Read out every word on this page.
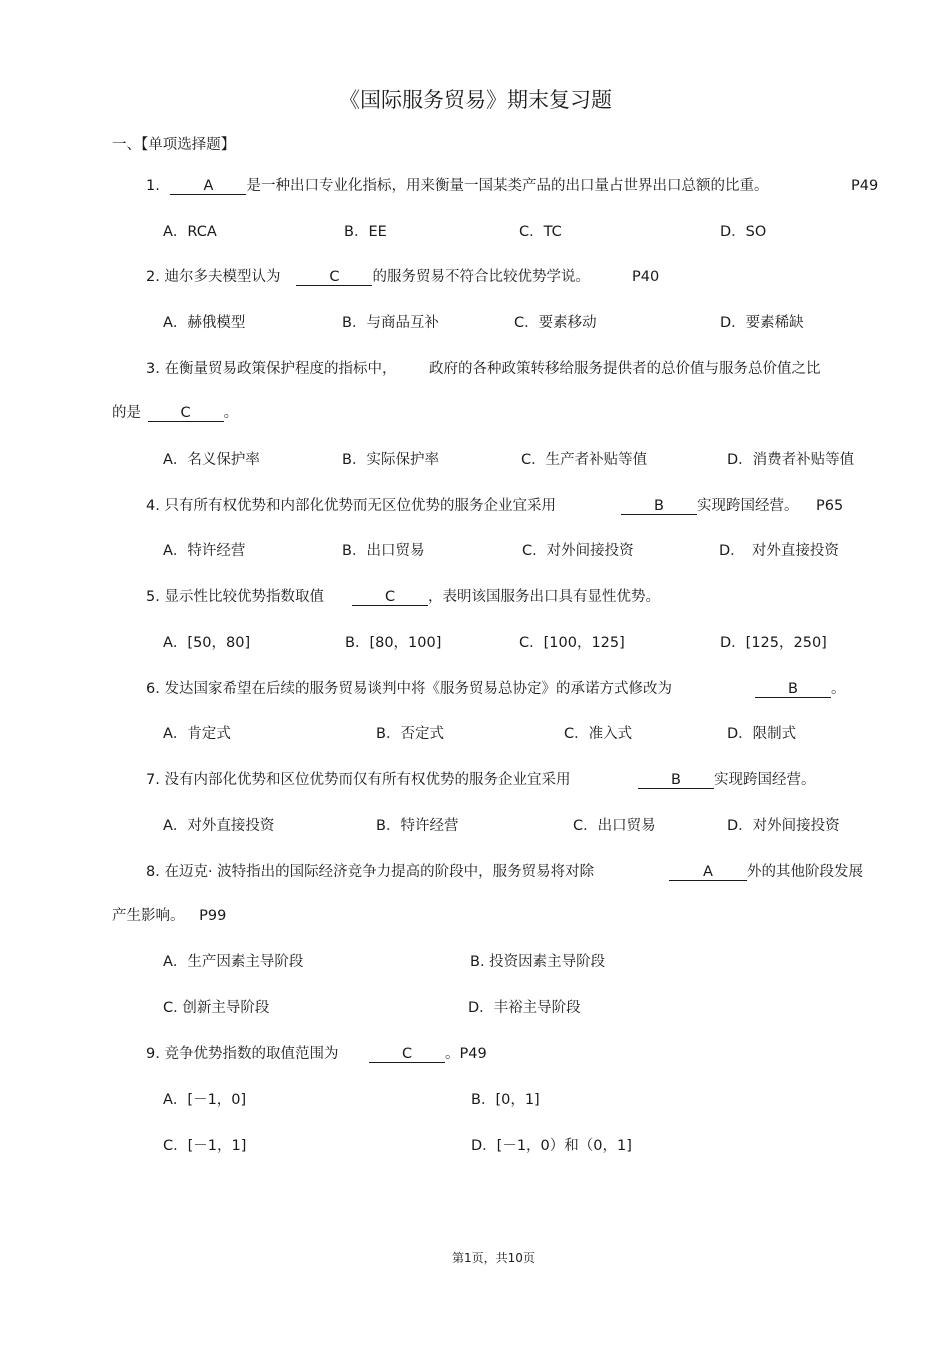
《国际服务贸易》期末复习题
一、【单项选择题】
1.	A 是一种出口专业化指标，用来衡量一国某类产品的出口量占世界出口总额的比重。	P49
A．RCA	B．EE	C．TC	D．SO
2. 迪尔多夫模型认为	C 的服务贸易不符合比较优势学说。	P40
A．赫俄模型	B．与商品互补	C．要素移动	D．要素稀缺
3. 在衡量贸易政策保护程度的指标中， 政府的各种政策转移给服务提供者的总价值与服务总价值之比
的是	C 。
A．名义保护率	B．实际保护率	C．生产者补贴等值	D．消费者补贴等值
4. 只有所有权优势和内部化优势而无区位优势的服务企业宜采用	B 实现跨国经营。 P65
A．特许经营	B．出口贸易	C．对外间接投资	D．　对外直接投资
5. 显示性比较优势指数取值	C ，表明该国服务出口具有显性优势。
A．[50，80]	B．[80，100]	C．[100，125]	D．[125，250]
6. 发达国家希望在后续的服务贸易谈判中将《服务贸易总协定》的承诺方式修改为	B 。
A．肯定式	B．否定式	C．准入式	D．限制式
7. 没有内部化优势和区位优势而仅有所有权优势的服务企业宜采用	B 实现跨国经营。
A．对外直接投资	B．特许经营	C．出口贸易	D．对外间接投资
8. 在迈克· 波特指出的国际经济竞争力提高的阶段中，服务贸易将对除	A 外的其他阶段发展
产生影响。 P99
A．生产因素主导阶段	B. 投资因素主导阶段
C. 创新主导阶段	D．丰裕主导阶段
9. 竞争优势指数的取值范围为	C 。P49
A．[－1，0]	B．[0，1]
C．[－1，1]	D．[－1，0）和（0，1]
第1页，共10页
